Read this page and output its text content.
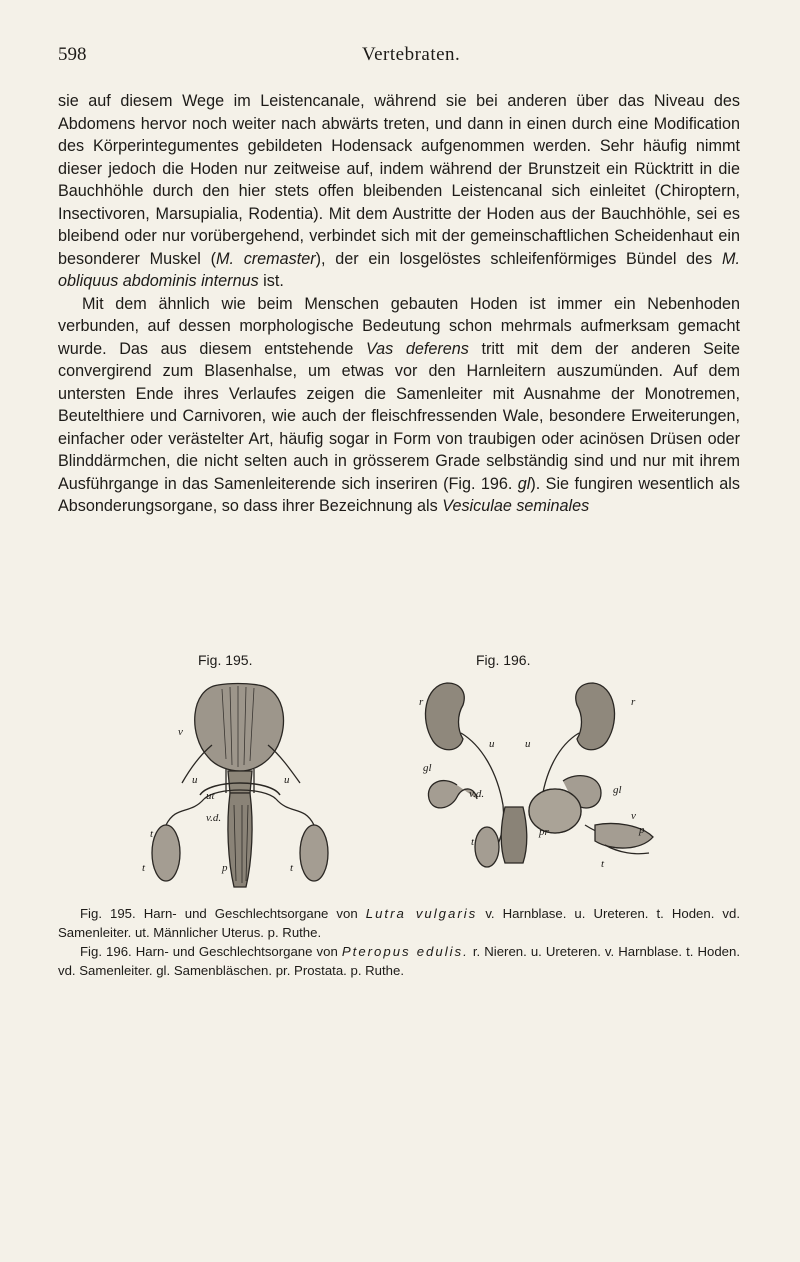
598	Vertebraten.

sie auf diesem Wege im Leistencanale, während sie bei anderen über das Niveau des Abdomens hervor noch weiter nach abwärts treten, und dann in einen durch eine Modification des Körperintegumentes gebildeten Hodensack aufgenommen werden. Sehr häufig nimmt dieser jedoch die Hoden nur zeitweise auf, indem während der Brunstzeit ein Rücktritt in die Bauchhöhle durch den hier stets offen bleibenden Leistencanal sich einleitet (Chiroptern, Insectivoren, Marsupialia, Rodentia). Mit dem Austritte der Hoden aus der Bauchhöhle, sei es bleibend oder nur vorübergehend, verbindet sich mit der gemeinschaftlichen Scheidenhaut ein besonderer Muskel (M. cremaster), der ein losgelöstes schleifenförmiges Bündel des M. obliquus abdominis internus ist.

Mit dem ähnlich wie beim Menschen gebauten Hoden ist immer ein Nebenhoden verbunden, auf dessen morphologische Bedeutung schon mehrmals aufmerksam gemacht wurde. Das aus diesem entstehende Vas deferens tritt mit dem der anderen Seite convergirend zum Blasenhalse, um etwas vor den Harnleitern auszumünden. Auf dem untersten Ende ihres Verlaufes zeigen die Samenleiter mit Ausnahme der Monotremen, Beutelthiere und Carnivoren, wie auch der fleischfressenden Wale, besondere Erweiterungen, einfacher oder verästelter Art, häufig sogar in Form von traubigen oder acinösen Drüsen oder Blinddärmchen, die nicht selten auch in grösserem Grade selbständig sind und nur mit ihrem Ausführgange in das Samenleiterende sich inseriren (Fig. 196. gl). Sie fungiren wesentlich als Absonderungsorgane, so dass ihrer Bezeichnung als Vesiculae seminales

Fig. 195.	Fig. 196.
v
u	u
ut
v.d.
t
t	t
p
r	r
u	u
gl
gl
v
v.d.
pr
t
t
p

Fig. 195. Harn- und Geschlechtsorgane von Lutra vulgaris v. Harnblase. u. Ureteren. t. Hoden. vd. Samenleiter. ut. Männlicher Uterus. p. Ruthe.

Fig. 196. Harn- und Geschlechtsorgane von Pteropus edulis. r. Nieren. u. Ureteren. v. Harnblase. t. Hoden. vd. Samenleiter. gl. Samenbläschen. pr. Prostata. p. Ruthe.
